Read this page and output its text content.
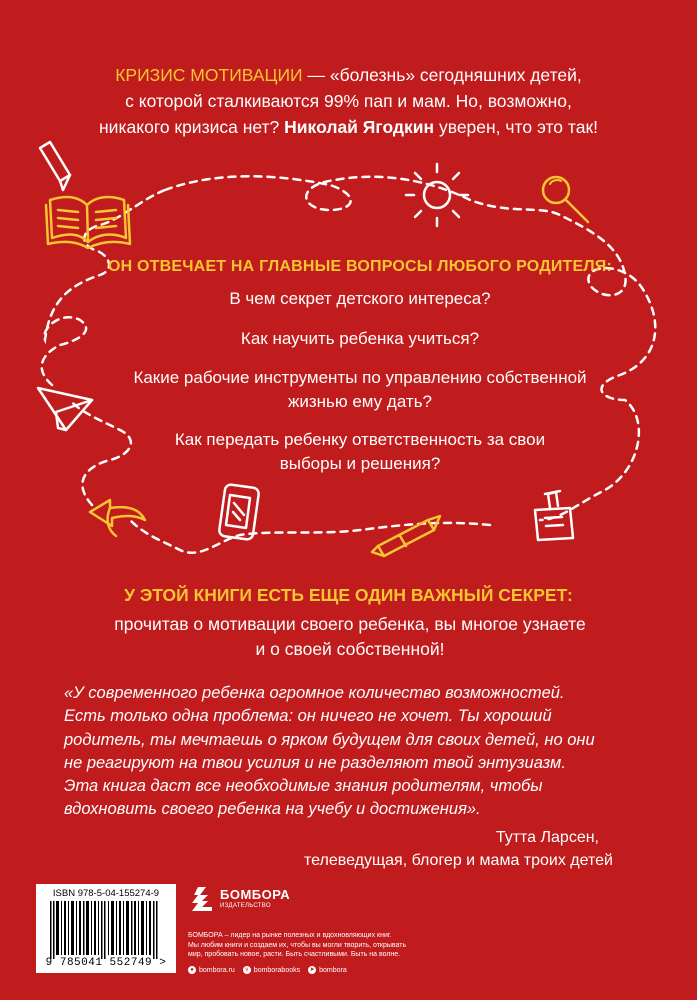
КРИЗИС МОТИВАЦИИ — «болезнь» сегодняшних детей,
с которой сталкиваются 99% пап и мам. Но, возможно,
никакого кризиса нет? Николай Ягодкин уверен, что это так!
ОН ОТВЕЧАЕТ НА ГЛАВНЫЕ ВОПРОСЫ ЛЮБОГО РОДИТЕЛЯ:
В чем секрет детского интереса?
Как научить ребенка учиться?
Какие рабочие инструменты по управлению собственной
жизнью ему дать?
Как передать ребенку ответственность за свои
выборы и решения?
У ЭТОЙ КНИГИ ЕСТЬ ЕЩЕ ОДИН ВАЖНЫЙ СЕКРЕТ:
прочитав о мотивации своего ребенка, вы многое узнаете
и о своей собственной!
«У современного ребенка огромное количество возможностей.
Есть только одна проблема: он ничего не хочет. Ты хороший
родитель, ты мечтаешь о ярком будущем для своих детей, но они
не реагируют на твои усилия и не разделяют твой энтузиазм.
Эта книга даст все необходимые знания родителям, чтобы
вдохновить своего ребенка на учебу и достижения».
Тутта Ларсен,
телеведущая, блогер и мама троих детей
ISBN 978-5-04-155274-9
9 785041 552749 >
БОМБОРА
ИЗДАТЕЛЬСТВО
БОМБОРА – лидер на рынке полезных и вдохновляющих книг.
Мы любим книги и создаем их, чтобы вы могли творить, открывать
мир, пробовать новое, расти. Быть счастливыми. Быть на волне.
● bombora.ru	v bomborabooks ➤ bombora
